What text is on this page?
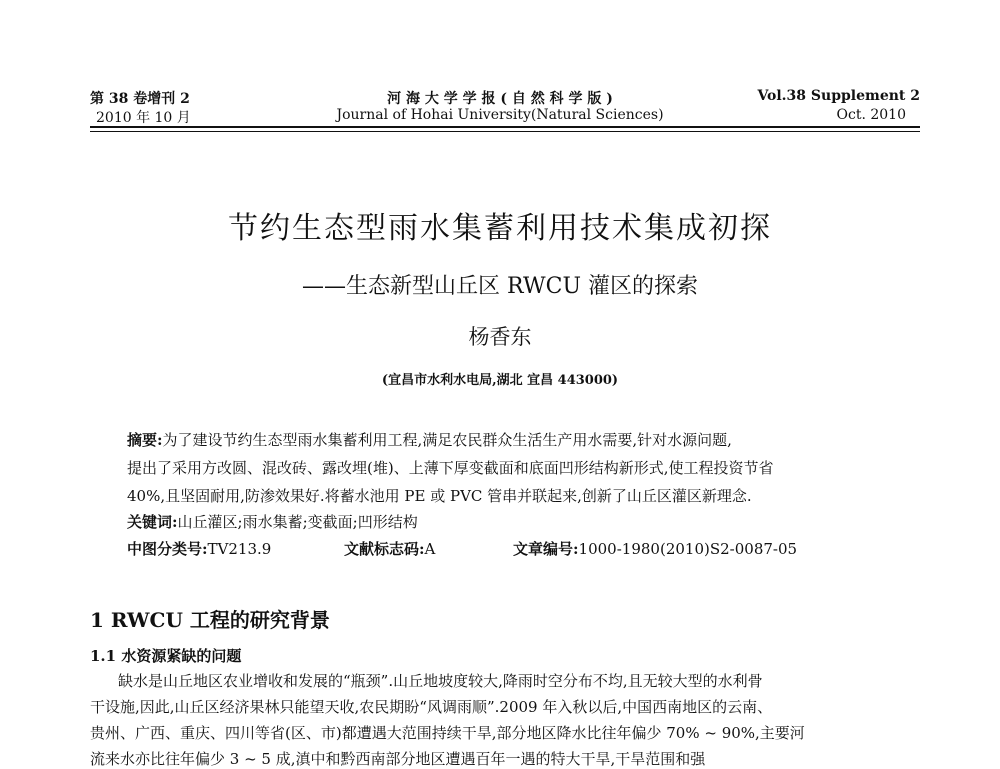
第 38 卷增刊 2
2010 年 10 月
河 海 大 学 学 报 ( 自 然 科 学 版 )
Journal of Hohai University(Natural Sciences)
Vol.38 Supplement 2
Oct. 2010
节约生态型雨水集蓄利用技术集成初探
——生态新型山丘区 RWCU 灌区的探索
杨香东
(宜昌市水利水电局,湖北 宜昌 443000)
摘要:为了建设节约生态型雨水集蓄利用工程,满足农民群众生活生产用水需要,针对水源问题,
提出了采用方改圆、混改砖、露改埋(堆)、上薄下厚变截面和底面凹形结构新形式,使工程投资节省
40%,且坚固耐用,防渗效果好.将蓄水池用 PE 或 PVC 管串并联起来,创新了山丘区灌区新理念.
关键词:山丘灌区;雨水集蓄;变截面;凹形结构
中图分类号:TV213.9	文献标志码:A	文章编号:1000-1980(2010)S2-0087-05
1 RWCU 工程的研究背景
1.1 水资源紧缺的问题
缺水是山丘地区农业增收和发展的“瓶颈”.山丘地坡度较大,降雨时空分布不均,且无较大型的水利骨
干设施,因此,山丘区经济果林只能望天收,农民期盼“风调雨顺”.2009 年入秋以后,中国西南地区的云南、
贵州、广西、重庆、四川等省(区、市)都遭遇大范围持续干旱,部分地区降水比往年偏少 70% ~ 90%,主要河
流来水亦比往年偏少 3 ~ 5 成,滇中和黔西南部分地区遭遇百年一遇的特大干旱,干旱范围和强
